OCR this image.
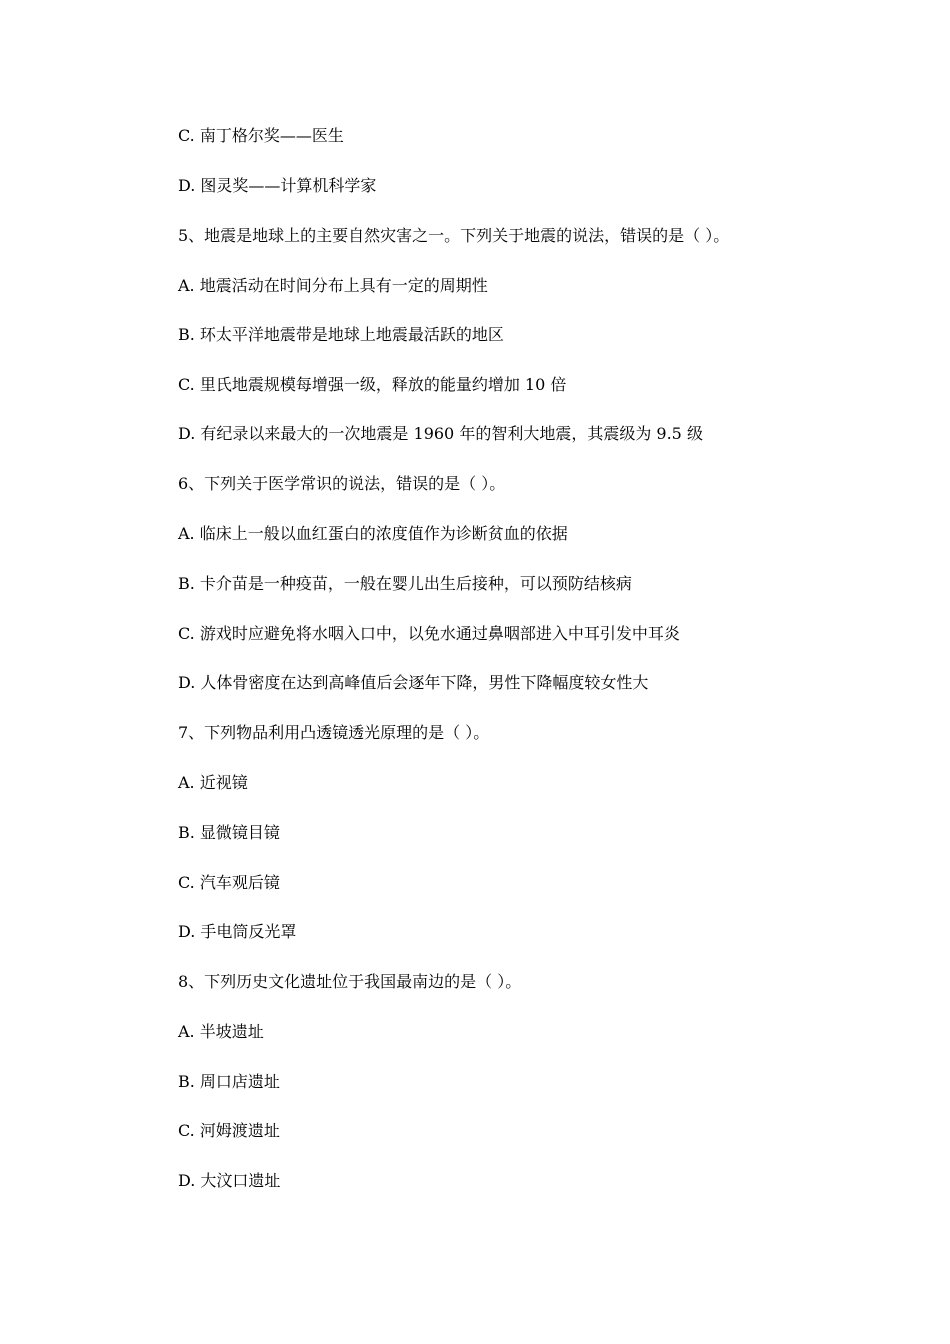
C. 南丁格尔奖——医生
D. 图灵奖——计算机科学家
5、地震是地球上的主要自然灾害之一。下列关于地震的说法，错误的是（ ）。
A. 地震活动在时间分布上具有一定的周期性
B. 环太平洋地震带是地球上地震最活跃的地区
C. 里氏地震规模每增强一级，释放的能量约增加 10 倍
D. 有纪录以来最大的一次地震是 1960 年的智利大地震，其震级为 9.5 级
6、下列关于医学常识的说法，错误的是（ ）。
A. 临床上一般以血红蛋白的浓度值作为诊断贫血的依据
B. 卡介苗是一种疫苗，一般在婴儿出生后接种，可以预防结核病
C. 游戏时应避免将水咽入口中，以免水通过鼻咽部进入中耳引发中耳炎
D. 人体骨密度在达到高峰值后会逐年下降，男性下降幅度较女性大
7、下列物品利用凸透镜透光原理的是（ ）。
A. 近视镜
B. 显微镜目镜
C. 汽车观后镜
D. 手电筒反光罩
8、下列历史文化遗址位于我国最南边的是（ ）。
A. 半坡遗址
B. 周口店遗址
C. 河姆渡遗址
D. 大汶口遗址
